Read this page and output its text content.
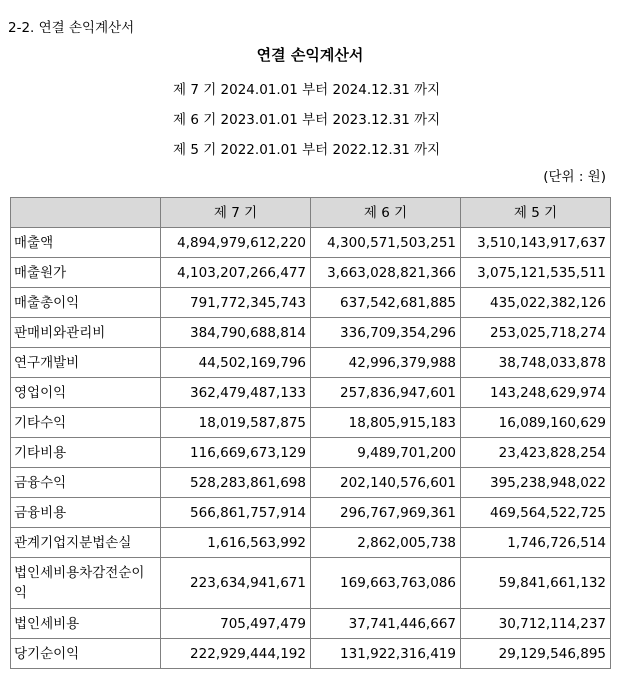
2-2. 연결 손익계산서
연결 손익계산서
제 7 기 2024.01.01 부터 2024.12.31 까지
제 6 기 2023.01.01 부터 2023.12.31 까지
제 5 기 2022.01.01 부터 2022.12.31 까지
(단위 : 원)
	제 7 기	제 6 기	제 5 기
매출액	4,894,979,612,220	4,300,571,503,251	3,510,143,917,637
매출원가	4,103,207,266,477	3,663,028,821,366	3,075,121,535,511
매출총이익	791,772,345,743	637,542,681,885	435,022,382,126
판매비와관리비	384,790,688,814	336,709,354,296	253,025,718,274
연구개발비	44,502,169,796	42,996,379,988	38,748,033,878
영업이익	362,479,487,133	257,836,947,601	143,248,629,974
기타수익	18,019,587,875	18,805,915,183	16,089,160,629
기타비용	116,669,673,129	9,489,701,200	23,423,828,254
금융수익	528,283,861,698	202,140,576,601	395,238,948,022
금융비용	566,861,757,914	296,767,969,361	469,564,522,725
관계기업지분법손실	1,616,563,992	2,862,005,738	1,746,726,514
법인세비용차감전순이익	223,634,941,671	169,663,763,086	59,841,661,132
법인세비용	705,497,479	37,741,446,667	30,712,114,237
당기순이익	222,929,444,192	131,922,316,419	29,129,546,895
